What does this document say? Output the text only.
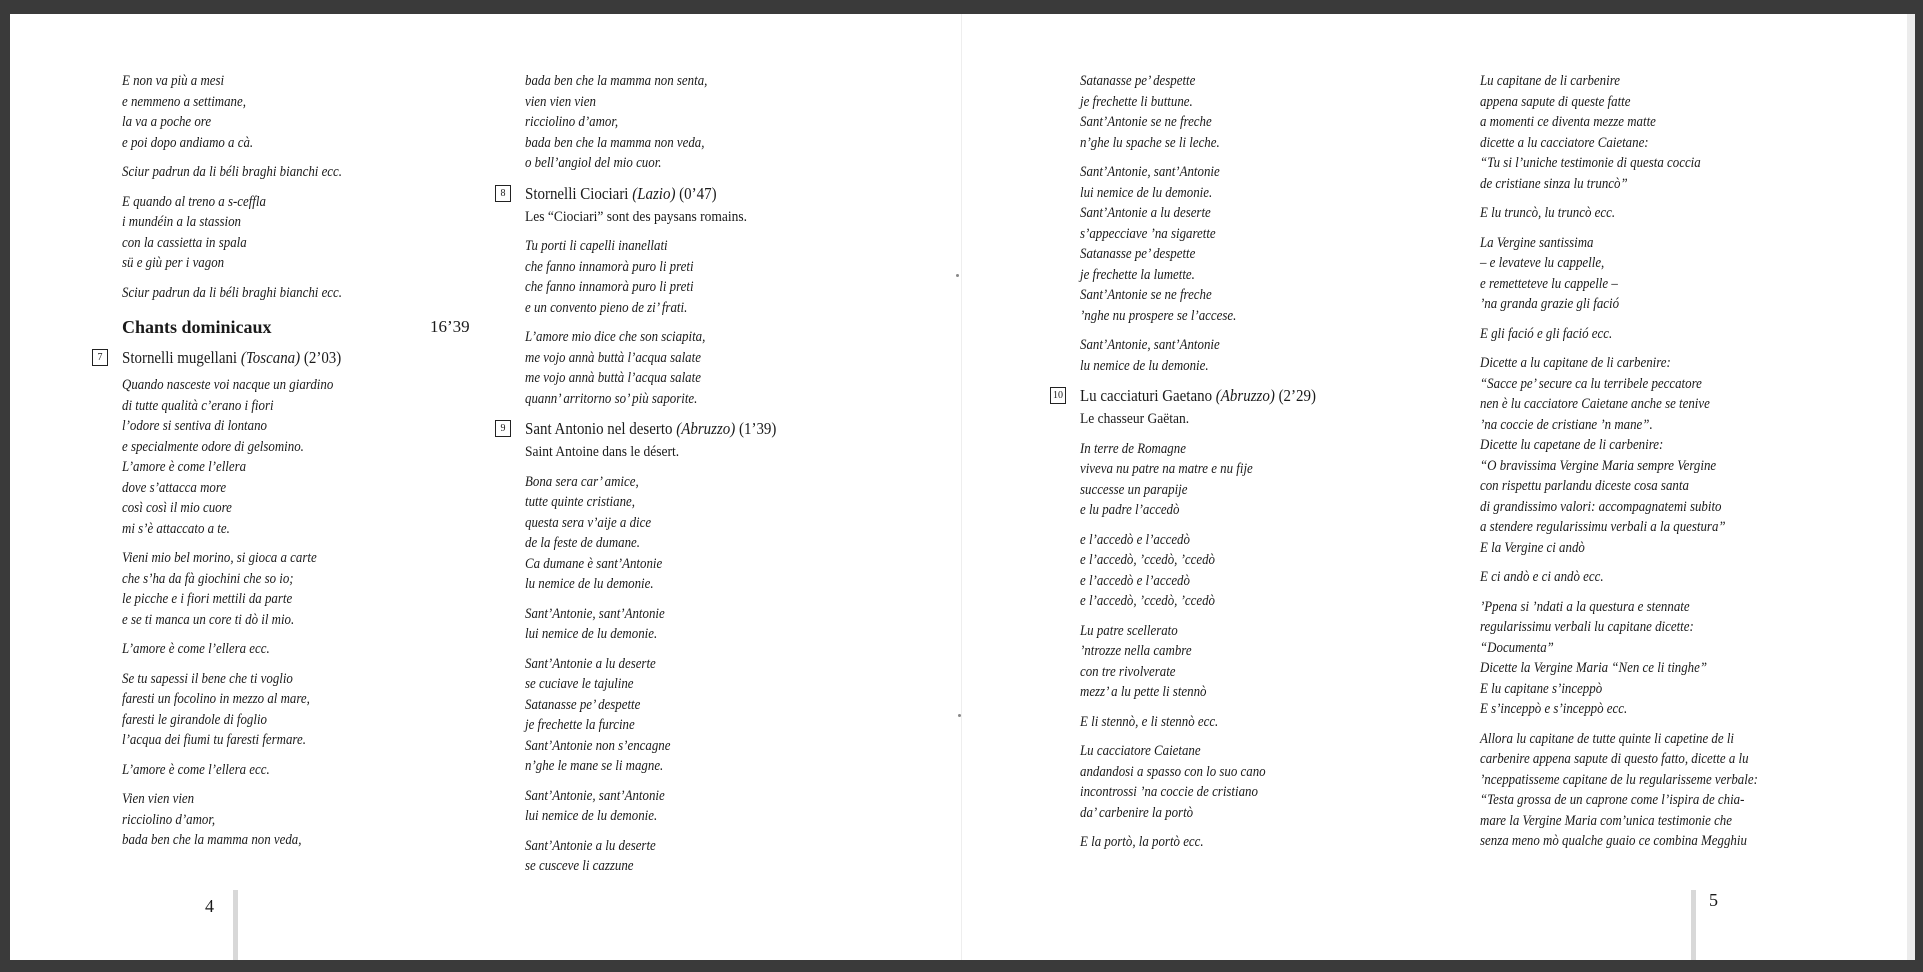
E non va più a mesi
e nemmeno a settimane,
la va a poche ore
e poi dopo andiamo a cà.
Sciur padrun da li béli braghi bianchi ecc.
E quando al treno a s-ceffla
i mundéin a la stassion
con la cassietta in spala
sü e giù per i vagon
Sciur padrun da li béli braghi bianchi ecc.
Chants dominicaux	16’39
7	Stornelli mugellani (Toscana) (2’03)
Quando nasceste voi nacque un giardino
di tutte qualità c’erano i fiori
l’odore si sentiva di lontano
e specialmente odore di gelsomino.
L’amore è come l’ellera
dove s’attacca more
così così il mio cuore
mi s’è attaccato a te.
Vieni mio bel morino, si gioca a carte
che s’ha da fà giochini che so io;
le picche e i fiori mettili da parte
e se ti manca un core ti dò il mio.
L’amore è come l’ellera ecc.
Se tu sapessi il bene che ti voglio
faresti un focolino in mezzo al mare,
faresti le girandole di foglio
l’acqua dei fiumi tu faresti fermare.
L’amore è come l’ellera ecc.
Vien vien vien
ricciolino d’amor,
bada ben che la mamma non veda,
bada ben che la mamma non senta,
vien vien vien
ricciolino d’amor,
bada ben che la mamma non veda,
o bell’angiol del mio cuor.
8	Stornelli Ciociari (Lazio) (0’47)
Les “Ciociari” sont des paysans romains.
Tu porti li capelli inanellati
che fanno innamorà puro li preti
che fanno innamorà puro li preti
e un convento pieno de zi’ frati.
L’amore mio dice che son sciapita,
me vojo annà buttà l’acqua salate
me vojo annà buttà l’acqua salate
quann’ arritorno so’ più saporite.
9	Sant Antonio nel deserto (Abruzzo) (1’39)
Saint Antoine dans le désert.
Bona sera car’ amice,
tutte quinte cristiane,
questa sera v’aije a dice
de la feste de dumane.
Ca dumane è sant’Antonie
lu nemice de lu demonie.
Sant’Antonie, sant’Antonie
lui nemice de lu demonie.
Sant’Antonie a lu deserte
se cuciave le tajuline
Satanasse pe’ despette
je frechette la furcine
Sant’Antonie non s’encagne
n’ghe le mane se li magne.
Sant’Antonie, sant’Antonie
lui nemice de lu demonie.
Sant’Antonie a lu deserte
se cusceve li cazzune
4
Satanasse pe’ despette
je frechette li buttune.
Sant’Antonie se ne freche
n’ghe lu spache se li leche.
Sant’Antonie, sant’Antonie
lui nemice de lu demonie.
Sant’Antonie a lu deserte
s’appecciave ’na sigarette
Satanasse pe’ despette
je frechette la lumette.
Sant’Antonie se ne freche
’nghe nu prospere se l’accese.
Sant’Antonie, sant’Antonie
lu nemice de lu demonie.
10 Lu cacciaturi Gaetano (Abruzzo) (2’29)
Le chasseur Gaëtan.
In terre de Romagne
viveva nu patre na matre e nu fije
successe un parapije
e lu padre l’accedò
e l’accedò e l’accedò
e l’accedò, ’ccedò, ’ccedò
e l’accedò e l’accedò
e l’accedò, ’ccedò, ’ccedò
Lu patre scellerato
’ntrozze nella cambre
con tre rivolverate
mezz’ a lu pette li stennò
E li stennò, e li stennò ecc.
Lu cacciatore Caietane
andandosi a spasso con lo suo cano
incontrossi ’na coccie de cristiano
da’ carbenire la portò
E la portò, la portò ecc.
Lu capitane de li carbenire
appena sapute di queste fatte
a momenti ce diventa mezze matte
dicette a lu cacciatore Caietane:
“Tu si l’uniche testimonie di questa coccia
de cristiane sinza lu truncò”
E lu truncò, lu truncò ecc.
La Vergine santissima
– e levateve lu cappelle,
e remetteteve lu cappelle –
’na granda grazie gli fació
E gli fació e gli fació ecc.
Dicette a lu capitane de li carbenire:
“Sacce pe’ secure ca lu terribele peccatore
nen è lu cacciatore Caietane anche se tenive
’na coccie de cristiane ’n mane”.
Dicette lu capetane de li carbenire:
“O bravissima Vergine Maria sempre Vergine
con rispettu parlandu diceste cosa santa
di grandissimo valori: accompagnatemi subito
a stendere regularissimu verbali a la questura”
E la Vergine ci andò
E ci andò e ci andò ecc.
’Ppena si ’ndati a la questura e stennate
regularissimu verbali lu capitane dicette:
“Documenta”
Dicette la Vergine Maria “Nen ce li tinghe”
E lu capitane s’inceppò
E s’inceppò e s’inceppò ecc.
Allora lu capitane de tutte quinte li capetine de li
carbenire appena sapute di questo fatto, dicette a lu
’nceppatisseme capitane de lu regularisseme verbale:
“Testa grossa de un caprone come l’ispira de chia-
mare la Vergine Maria com’unica testimonie che
senza meno mò qualche guaio ce combina Megghiu
5
